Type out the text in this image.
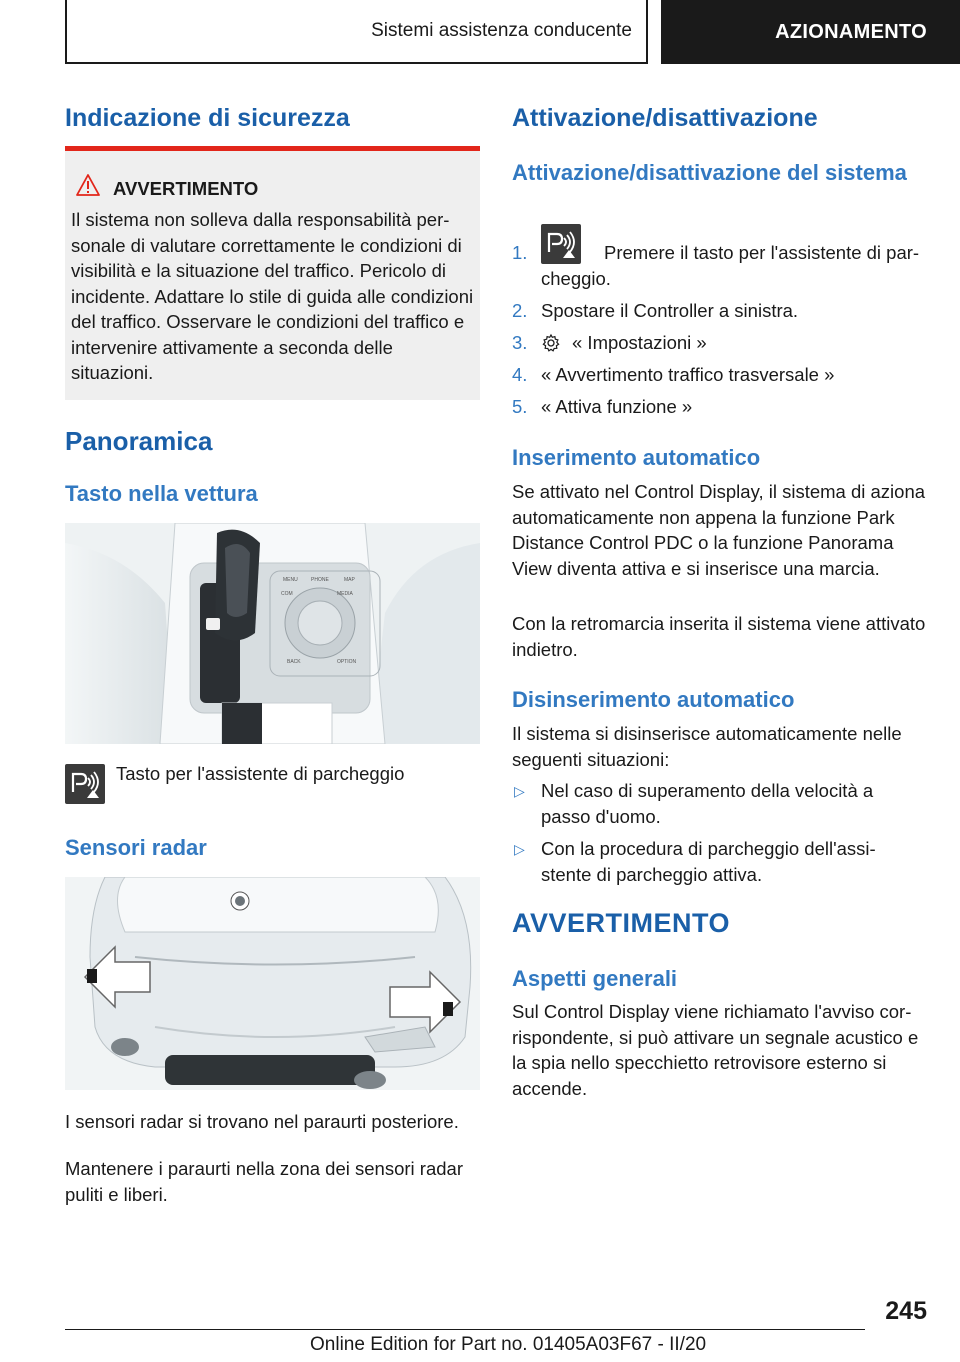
Sistemi assistenza conducente	AZIONAMENTO
Indicazione di sicurezza
AVVERTIMENTO
Il sistema non solleva dalla responsabilità personale di valutare correttamente le condizioni di visibilità e la situazione del traffico. Pericolo di incidente. Adattare lo stile di guida alle condizioni del traffico. Osservare le condizioni del traffico e intervenire attivamente a seconda delle situazioni.
Panoramica
Tasto nella vettura
MENU	PHONE	MAP
COM	MEDIA
BACK	OPTION
Tasto per l'assistente di parcheggio
Sensori radar
I sensori radar si trovano nel paraurti posteriore.
Mantenere i paraurti nella zona dei sensori radar puliti e liberi.
Attivazione/disattivazione
Attivazione/disattivazione del sistema
1.	Premere il tasto per l'assistente di parcheggio.
2. Spostare il Controller a sinistra.
3. « Impostazioni »
4. « Avvertimento traffico trasversale »
5. « Attiva funzione »
Inserimento automatico
Se attivato nel Control Display, il sistema di aziona automaticamente non appena la funzione Park Distance Control PDC o la funzione Panorama View diventa attiva e si inserisce una marcia.
Con la retromarcia inserita il sistema viene attivato indietro.
Disinserimento automatico
Il sistema si disinserisce automaticamente nelle seguenti situazioni:
▷ Nel caso di superamento della velocità a passo d'uomo.
▷ Con la procedura di parcheggio dell'assistente di parcheggio attiva.
AVVERTIMENTO
Aspetti generali
Sul Control Display viene richiamato l'avviso corrispondente, si può attivare un segnale acustico e la spia nello specchietto retrovisore esterno si accende.
245
Online Edition for Part no. 01405A03F67 - II/20
